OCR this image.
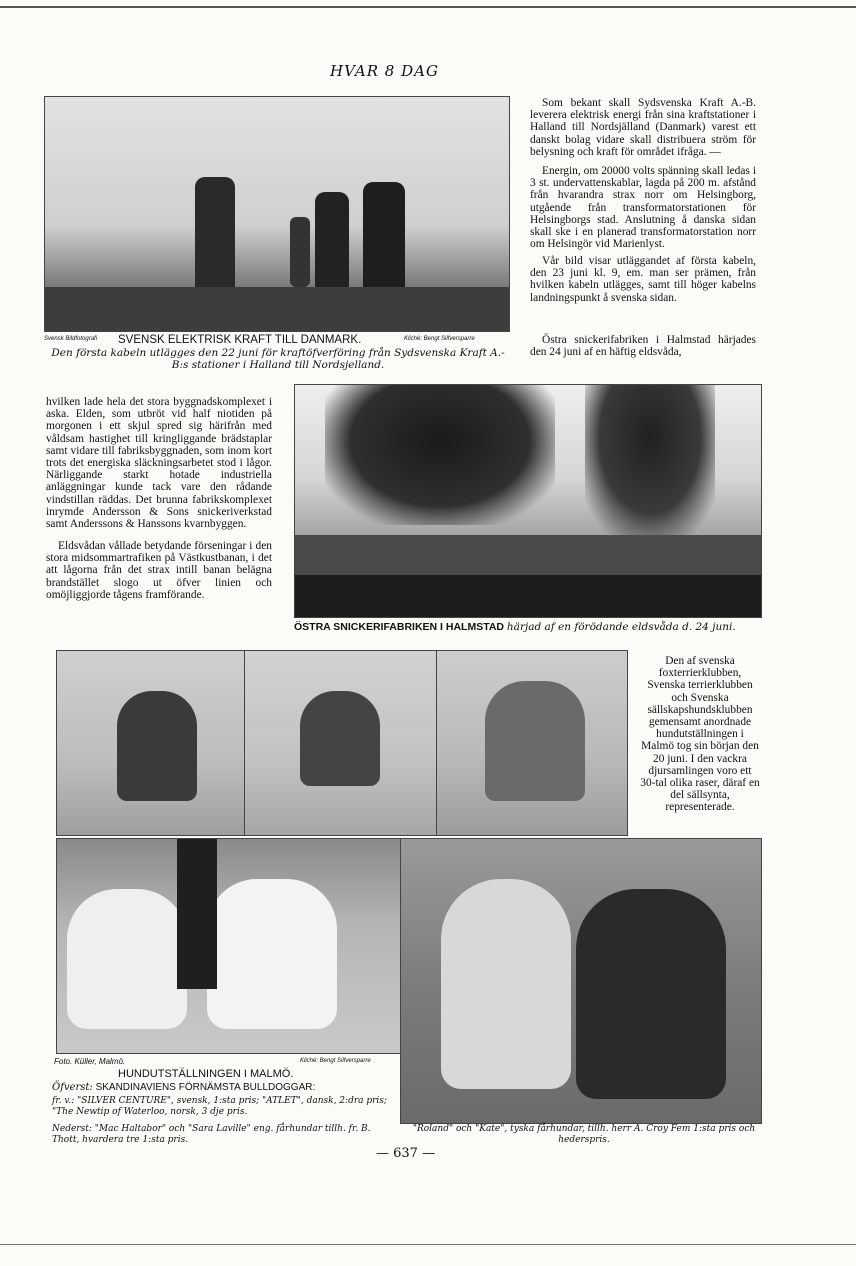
HVAR 8 DAG
Svensk Bildfotografi	Klichè: Bengt Silfversparre
SVENSK ELEKTRISK KRAFT TILL DANMARK.
Den första kabeln utlägges den 22 juni för kraftöfverföring från Sydsvenska Kraft A.-B:s stationer i Halland till Nordsjelland.
Som bekant skall Sydsvenska Kraft A.-B. leverera elektrisk energi från sina kraftstationer i Halland till Nordsjälland (Danmark) varest ett danskt bolag vidare skall distribuera ström för belysning och kraft för området ifråga. —
Energin, om 20000 volts spänning skall ledas i 3 st. undervattenskablar, lagda på 200 m. afstånd från hvarandra strax norr om Helsingborg, utgående från transformatorstationen för Helsingborgs stad. Anslutning å danska sidan skall ske i en planerad transformatorstation norr om Helsingör vid Marienlyst.
Vår bild visar utläggandet af första kabeln, den 23 juni kl. 9, em. man ser prämen, från hvilken kabeln utlägges, samt till höger kabelns landningspunkt å svenska sidan.
Östra snickerifabriken i Halmstad härjades den 24 juni af en häftig eldsvåda,
hvilken lade hela det stora byggnadskomplexet i aska. Elden, som utbröt vid half niotiden på morgonen i ett skjul spred sig härifrån med våldsam hastighet till kringliggande brädstaplar samt vidare till fabriksbyggnaden, som inom kort trots det energiska släckningsarbetet stod i lågor. Närliggande starkt hotade industriella anläggningar kunde tack vare den rådande vindstillan räddas. Det brunna fabrikskomplexet inrymde Andersson & Sons snickeriverkstad samt Anderssons & Hanssons kvarnbyggen.
Eldsvådan vållade betydande förseningar i den stora midsommartrafiken på Västkustbanan, i det att lågorna från det strax intill banan belägna brandstället slogo ut öfver linien och omöjliggjorde tågens framförande.
ÖSTRA SNICKERIFABRIKEN I HALMSTAD härjad af en förödande eldsvåda d. 24 juni.
Den af svenska foxterrierklubben, Svenska terrierklubben och Svenska sällskapshundsklubben gemensamt anordnade hundutställningen i Malmö tog sin början den 20 juni. I den vackra djursamlingen voro ett 30-tal olika raser, däraf en del sällsynta, representerade.
Foto. Küller, Malmö.	Klichè: Bengt Silfversparre
HUNDUTSTÄLLNINGEN I MALMÖ.
Öfverst: SKANDINAVIENS FÖRNÄMSTA BULLDOGGAR:
fr. v.: "SILVER CENTURE", svensk, 1:sta pris; "ATLET", dansk, 2:dra pris; "The Newtip of Waterloo, norsk, 3 dje pris.
Nederst: "Mac Haltabor" och "Sara Laville" eng. fårhundar tillh. fr. B. Thott, hvardera tre 1:sta pris.
"Roland" och "Kate", tyska fårhundar, tillh. herr A. Croy Fem 1:sta pris och hederspris.
— 637 —
